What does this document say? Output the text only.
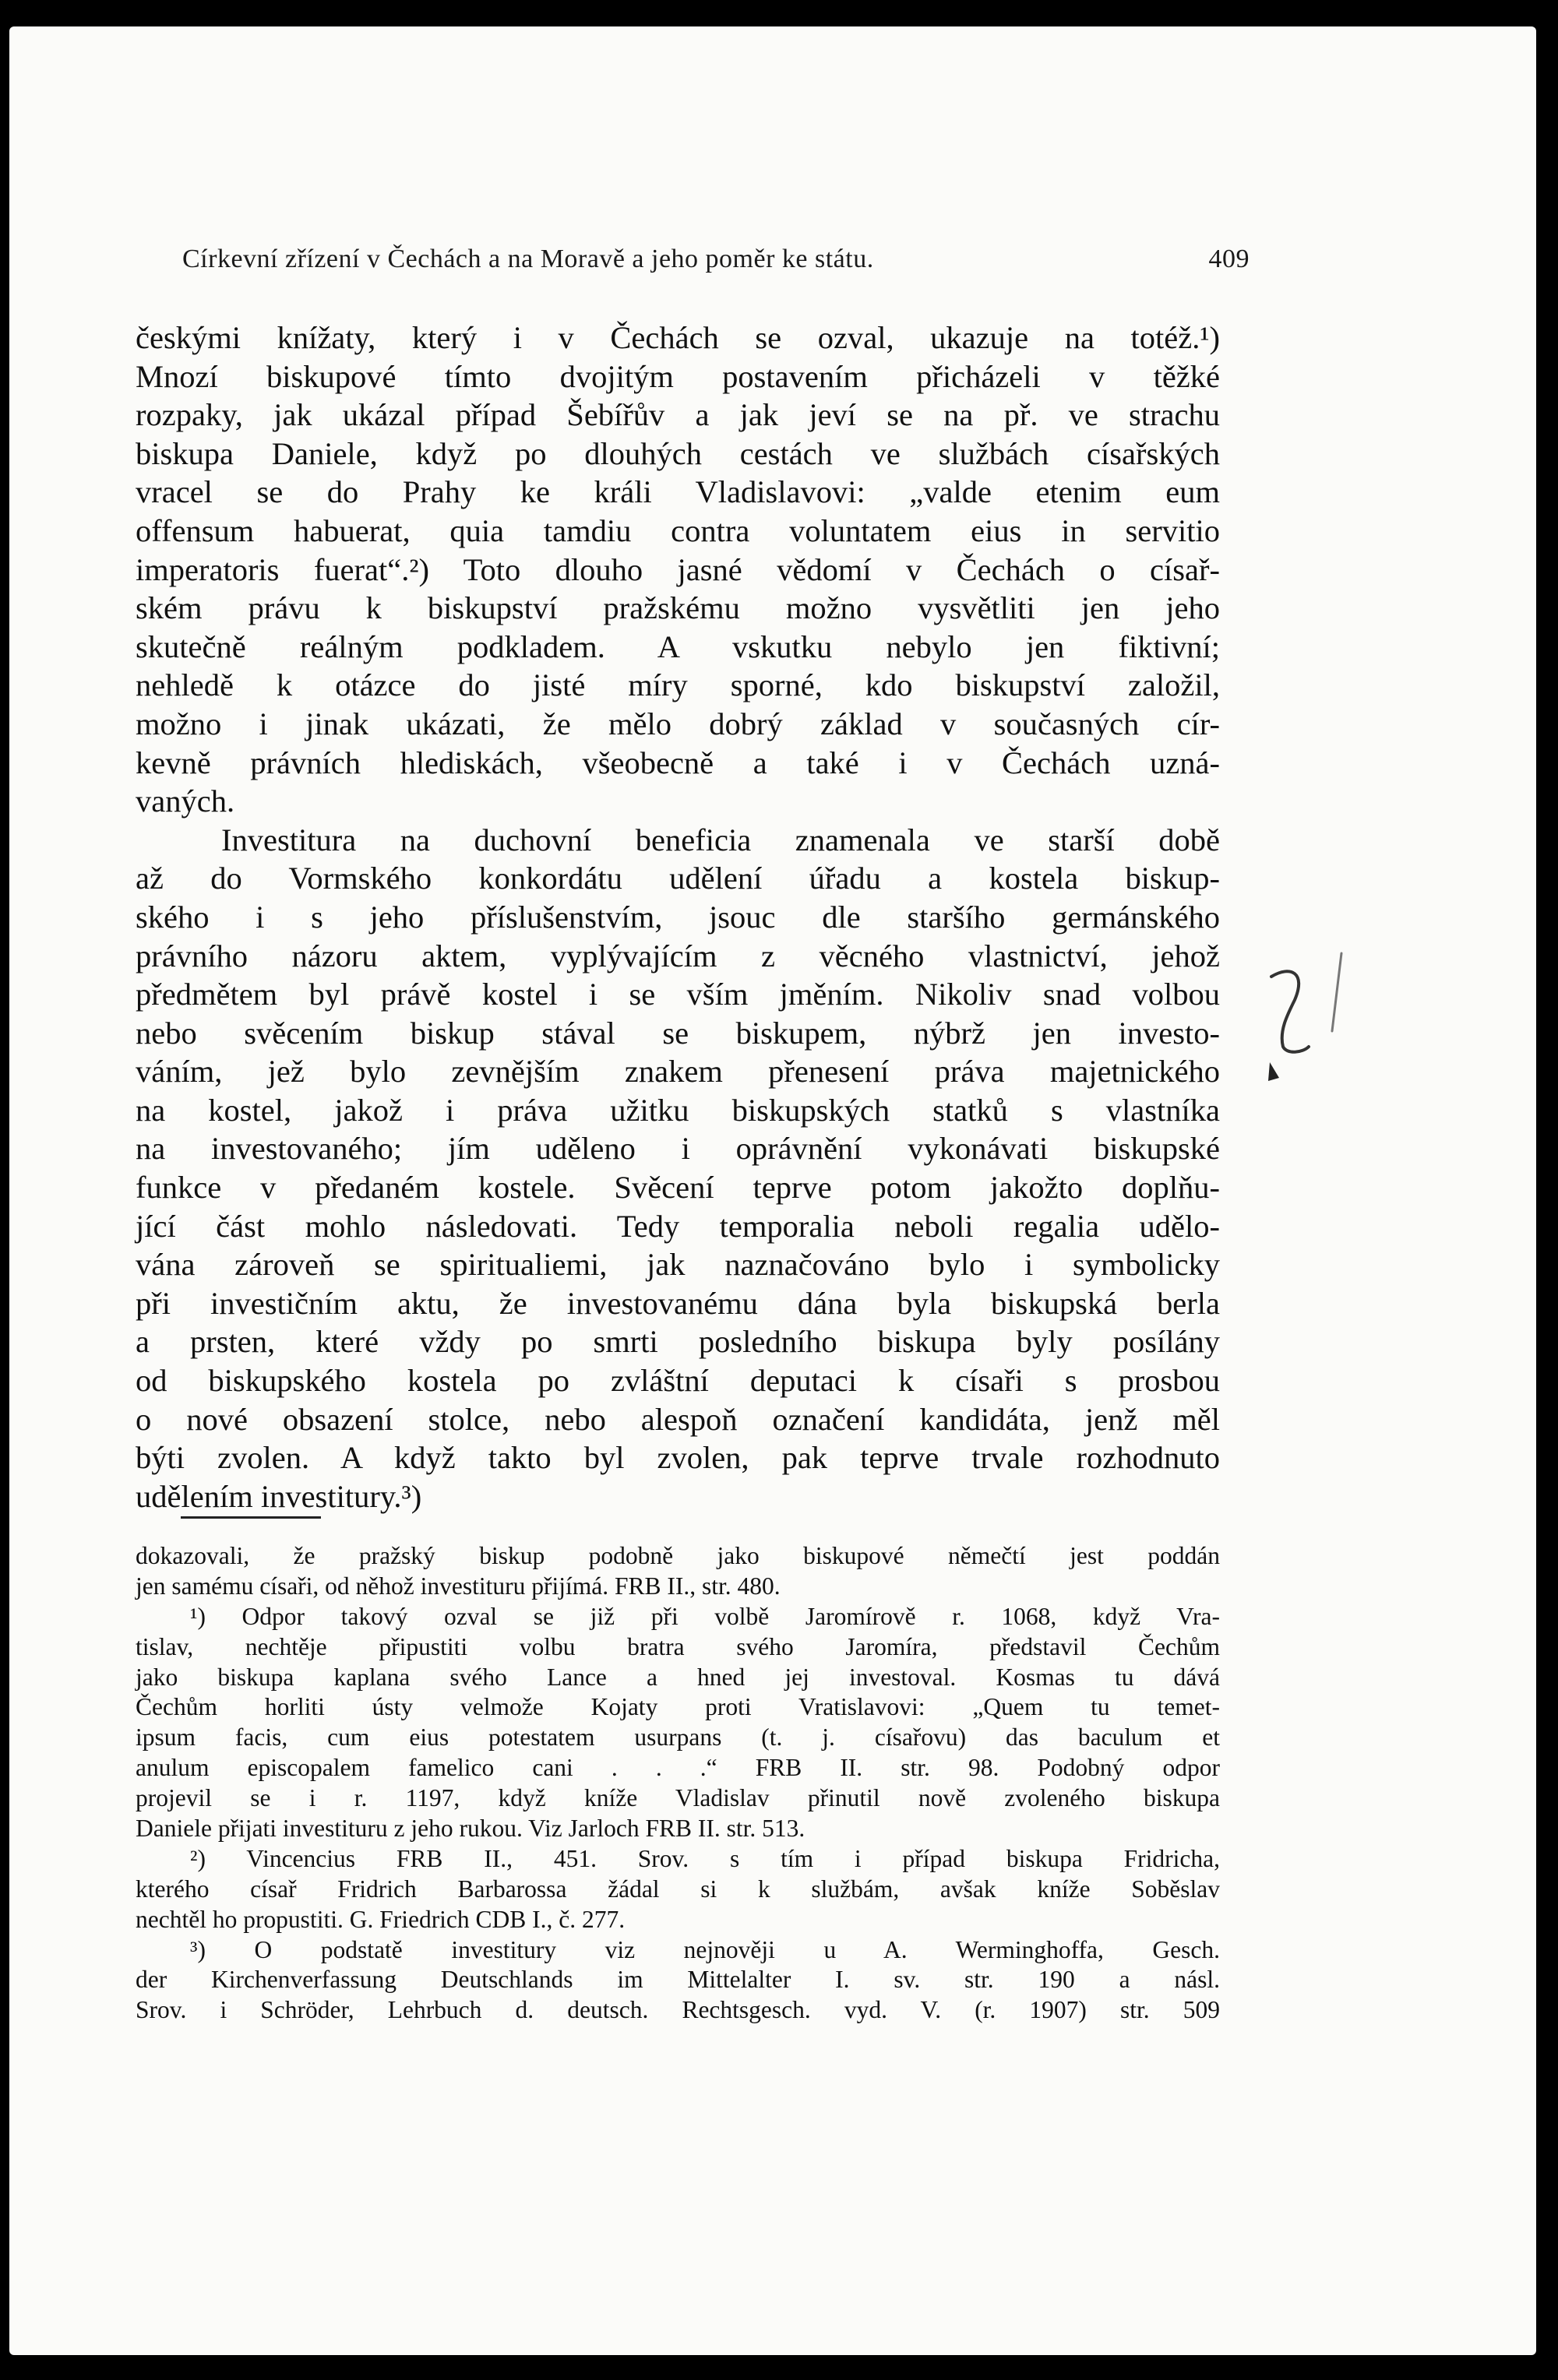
Církevní zřízení v Čechách a na Moravě a jeho poměr ke státu.	409
českými knížaty, který i v Čechách se ozval, ukazuje na totéž.¹)
Mnozí biskupové tímto dvojitým postavením přicházeli v těžké
rozpaky, jak ukázal případ Šebířův a jak jeví se na př. ve strachu
biskupa Daniele, když po dlouhých cestách ve službách císařských
vracel se do Prahy ke králi Vladislavovi: „valde etenim eum
offensum habuerat, quia tamdiu contra voluntatem eius in servitio
imperatoris fuerat“.²) Toto dlouho jasné vědomí v Čechách o císař-
ském právu k biskupství pražskému možno vysvětliti jen jeho
skutečně reálným podkladem. A vskutku nebylo jen fiktivní;
nehledě k otázce do jisté míry sporné, kdo biskupství založil,
možno i jinak ukázati, že mělo dobrý základ v současných cír-
kevně právních hlediskách, všeobecně a také i v Čechách uzná-
vaných.
Investitura na duchovní beneficia znamenala ve starší době
až do Vormského konkordátu udělení úřadu a kostela biskup-
ského i s jeho příslušenstvím, jsouc dle staršího germánského
právního názoru aktem, vyplývajícím z věcného vlastnictví, jehož
předmětem byl právě kostel i se vším jměním. Nikoliv snad volbou
nebo svěcením biskup stával se biskupem, nýbrž jen investo-
váním, jež bylo zevnějším znakem přenesení práva majetnického
na kostel, jakož i práva užitku biskupských statků s vlastníka
na investovaného; jím uděleno i oprávnění vykonávati biskupské
funkce v předaném kostele. Svěcení teprve potom jakožto doplňu-
jící část mohlo následovati. Tedy temporalia neboli regalia udělo-
vána zároveň se spiritualiemi, jak naznačováno bylo i symbolicky
při investičním aktu, že investovanému dána byla biskupská berla
a prsten, které vždy po smrti posledního biskupa byly posílány
od biskupského kostela po zvláštní deputaci k císaři s prosbou
o nové obsazení stolce, nebo alespoň označení kandidáta, jenž měl
býti zvolen. A když takto byl zvolen, pak teprve trvale rozhodnuto
udělením investitury.³)
dokazovali, že pražský biskup podobně jako biskupové němečtí jest poddán
jen samému císaři, od něhož investituru přijímá. FRB II., str. 480.
¹) Odpor takový ozval se již při volbě Jaromírově r. 1068, když Vra-
tislav, nechtěje připustiti volbu bratra svého Jaromíra, představil Čechům
jako biskupa kaplana svého Lance a hned jej investoval. Kosmas tu dává
Čechům horliti ústy velmože Kojaty proti Vratislavovi: „Quem tu temet-
ipsum facis, cum eius potestatem usurpans (t. j. císařovu) das baculum et
anulum episcopalem famelico cani . . .“ FRB II. str. 98. Podobný odpor
projevil se i r. 1197, když kníže Vladislav přinutil nově zvoleného biskupa
Daniele přijati investituru z jeho rukou. Viz Jarloch FRB II. str. 513.
²) Vincencius FRB II., 451. Srov. s tím i případ biskupa Fridricha,
kterého císař Fridrich Barbarossa žádal si k službám, avšak kníže Soběslav
nechtěl ho propustiti. G. Friedrich CDB I., č. 277.
³) O podstatě investitury viz nejnověji u A. Werminghoffa, Gesch.
der Kirchenverfassung Deutschlands im Mittelalter I. sv. str. 190 a násl.
Srov. i Schröder, Lehrbuch d. deutsch. Rechtsgesch. vyd. V. (r. 1907) str. 509
